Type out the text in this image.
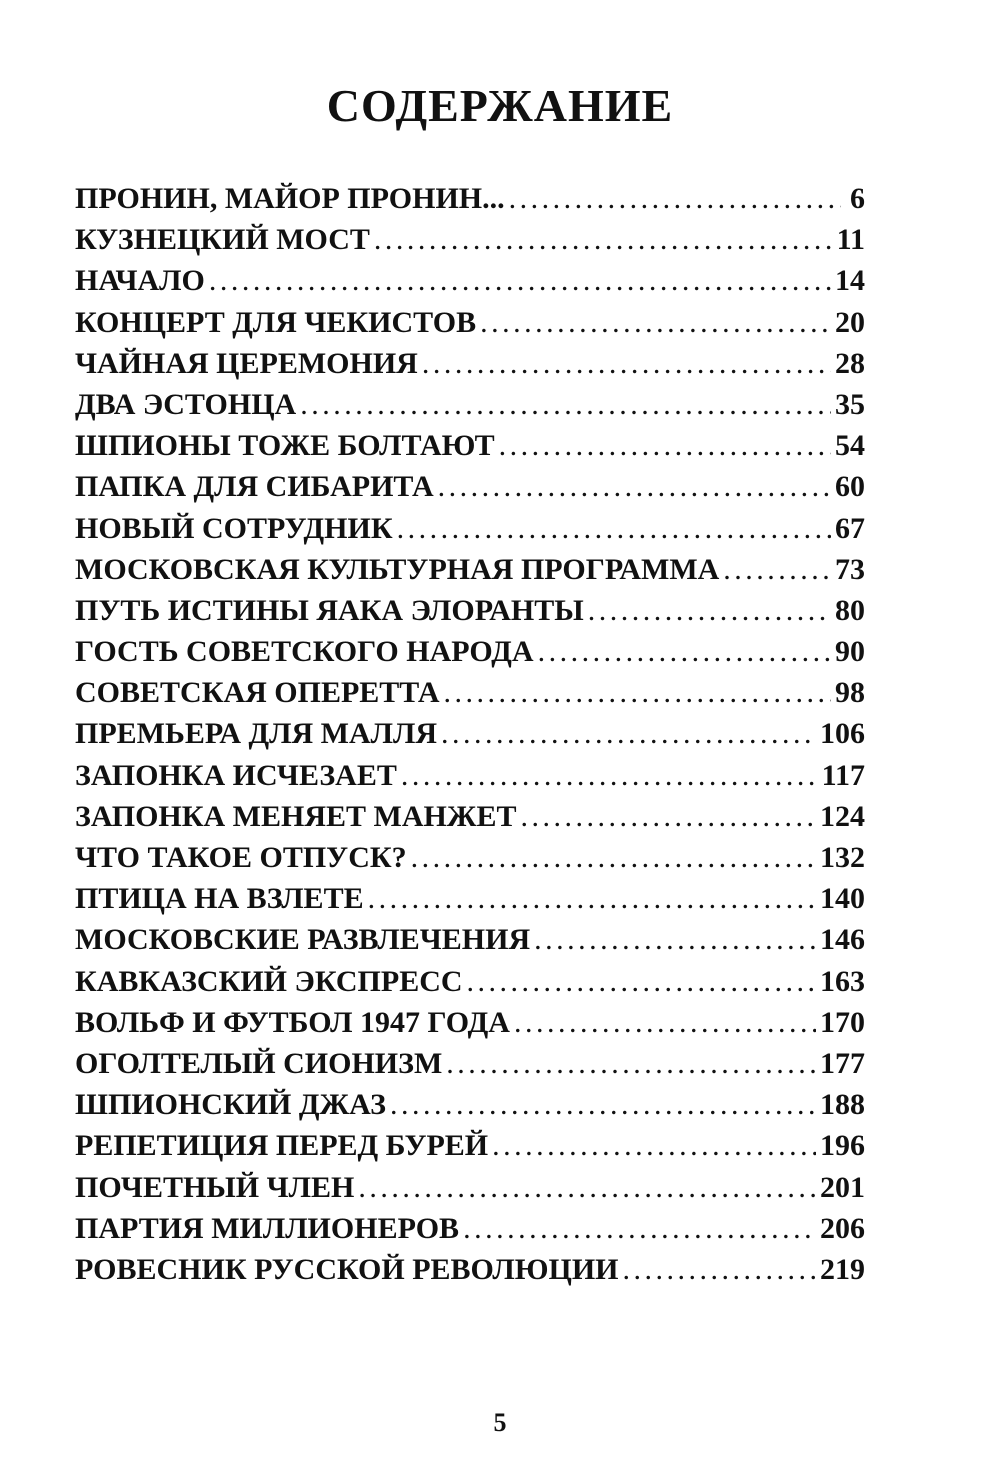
СОДЕРЖАНИЕ
ПРОНИН, МАЙОР ПРОНИН... . . .	6
КУЗНЕЦКИЙ МОСТ . . .	11
НАЧАЛО . . .	14
КОНЦЕРТ ДЛЯ ЧЕКИСТОВ . . .	20
ЧАЙНАЯ ЦЕРЕМОНИЯ . . .	28
ДВА ЭСТОНЦА . . .	35
ШПИОНЫ ТОЖЕ БОЛТАЮТ . . .	54
ПАПКА ДЛЯ СИБАРИТА . . .	60
НОВЫЙ СОТРУДНИК . . .	67
МОСКОВСКАЯ КУЛЬТУРНАЯ ПРОГРАММА . . .	73
ПУТЬ ИСТИНЫ ЯАКА ЭЛОРАНТЫ . . .	80
ГОСТЬ СОВЕТСКОГО НАРОДА . . .	90
СОВЕТСКАЯ ОПЕРЕТТА . . .	98
ПРЕМЬЕРА ДЛЯ МАЛЛЯ . . .	106
ЗАПОНКА ИСЧЕЗАЕТ . . .	117
ЗАПОНКА МЕНЯЕТ МАНЖЕТ . . .	124
ЧТО ТАКОЕ ОТПУСК? . . .	132
ПТИЦА НА ВЗЛЕТЕ . . .	140
МОСКОВСКИЕ РАЗВЛЕЧЕНИЯ . . .	146
КАВКАЗСКИЙ ЭКСПРЕСС . . .	163
ВОЛЬФ И ФУТБОЛ 1947 ГОДА . . .	170
ОГОЛТЕЛЫЙ СИОНИЗМ . . .	177
ШПИОНСКИЙ ДЖАЗ . . .	188
РЕПЕТИЦИЯ ПЕРЕД БУРЕЙ . . .	196
ПОЧЕТНЫЙ ЧЛЕН . . .	201
ПАРТИЯ МИЛЛИОНЕРОВ . . .	206
РОВЕСНИК РУССКОЙ РЕВОЛЮЦИИ . . .	219
5
